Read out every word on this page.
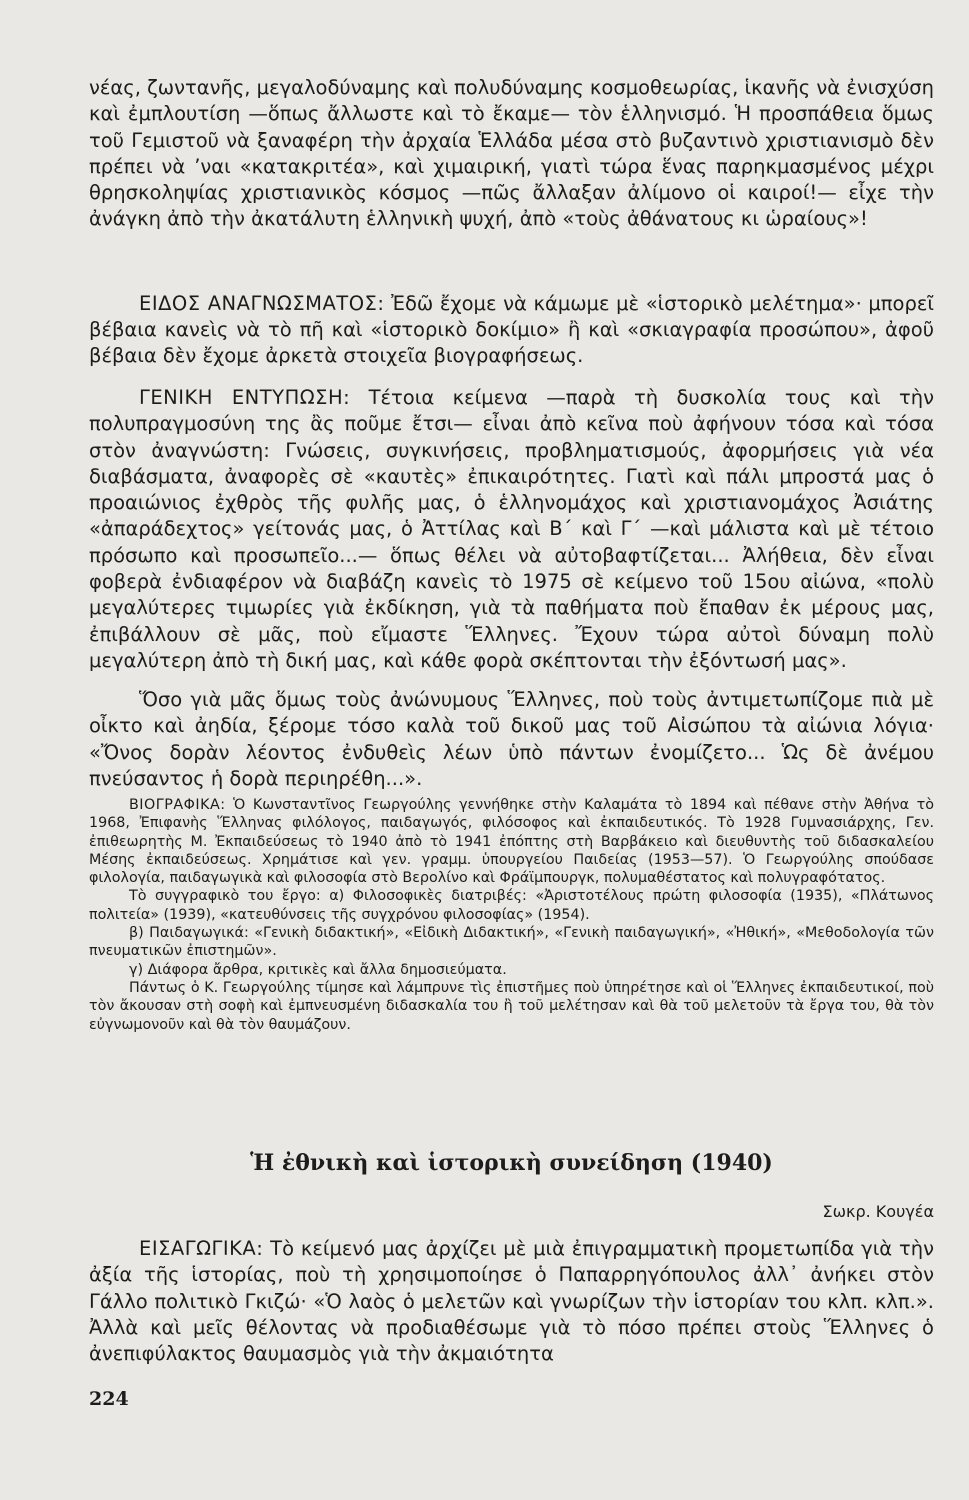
νέας, ζωντανῆς, μεγαλοδύναμης καὶ πολυδύναμης κοσμοθεωρίας, ἱκανῆς νὰ ἐνισχύση καὶ ἐμπλουτίση —ὅπως ἄλλωστε καὶ τὸ ἔκαμε— τὸν ἑλληνισμό. Ἡ προσπάθεια ὅμως τοῦ Γεμιστοῦ νὰ ξαναφέρη τὴν ἀρχαία Ἑλλάδα μέσα στὸ βυζαντινὸ χριστιανισμὸ δὲν πρέπει νὰ ’ναι «κατακριτέα», καὶ χιμαιρική, γιατὶ τώρα ἕνας παρηκμασμένος μέχρι θρησκοληψίας χριστιανικὸς κόσμος —πῶς ἄλλαξαν ἀλίμονο οἱ καιροί!— εἶχε τὴν ἀνάγκη ἀπὸ τὴν ἀκατάλυτη ἑλληνικὴ ψυχή, ἀπὸ «τοὺς ἀθάνατους κι ὡραίους»!

ΕΙΔΟΣ ΑΝΑΓΝΩΣΜΑΤΟΣ: Ἐδῶ ἔχομε νὰ κάμωμε μὲ «ἱστορικὸ μελέτημα»· μπορεῖ βέβαια κανεὶς νὰ τὸ πῆ καὶ «ἱστορικὸ δοκίμιο» ἢ καὶ «σκιαγραφία προσώπου», ἀφοῦ βέβαια δὲν ἔχομε ἀρκετὰ στοιχεῖα βιογραφήσεως.

ΓΕΝΙΚΗ ΕΝΤΥΠΩΣΗ: Τέτοια κείμενα —παρὰ τὴ δυσκολία τους καὶ τὴν πολυπραγμοσύνη της ἂς ποῦμε ἔτσι— εἶναι ἀπὸ κεῖνα ποὺ ἀφήνουν τόσα καὶ τόσα στὸν ἀναγνώστη: Γνώσεις, συγκινήσεις, προβληματισμούς, ἀφορμήσεις γιὰ νέα διαβάσματα, ἀναφορὲς σὲ «καυτὲς» ἐπικαιρότητες. Γιατὶ καὶ πάλι μπροστά μας ὁ προαιώνιος ἐχθρὸς τῆς φυλῆς μας, ὁ ἑλληνομάχος καὶ χριστιανομάχος Ἀσιάτης «ἀπαράδεχτος» γείτονάς μας, ὁ Ἀττίλας καὶ Β´ καὶ Γ´ —καὶ μάλιστα καὶ μὲ τέτοιο πρόσωπο καὶ προσωπεῖο...— ὅπως θέλει νὰ αὐτοβαφτίζεται... Ἀλήθεια, δὲν εἶναι φοβερὰ ἐνδιαφέρον νὰ διαβάζη κανεὶς τὸ 1975 σὲ κείμενο τοῦ 15ου αἰώνα, «πολὺ μεγαλύτερες τιμωρίες γιὰ ἐκδίκηση, γιὰ τὰ παθήματα ποὺ ἔπαθαν ἐκ μέρους μας, ἐπιβάλλουν σὲ μᾶς, ποὺ εἴμαστε Ἕλληνες. Ἔχουν τώρα αὐτοὶ δύναμη πολὺ μεγαλύτερη ἀπὸ τὴ δική μας, καὶ κάθε φορὰ σκέπτονται τὴν ἐξόντωσή μας».

Ὅσο γιὰ μᾶς ὅμως τοὺς ἀνώνυμους Ἕλληνες, ποὺ τοὺς ἀντιμετωπίζομε πιὰ μὲ οἶκτο καὶ ἀηδία, ξέρομε τόσο καλὰ τοῦ δικοῦ μας τοῦ Αἰσώπου τὰ αἰώνια λόγια· «Ὄνος δορὰν λέοντος ἐνδυθεὶς λέων ὑπὸ πάντων ἐνομίζετο... Ὡς δὲ ἀνέμου πνεύσαντος ἡ δορὰ περιηρέθη...».

ΒΙΟΓΡΑΦΙΚΑ: Ὁ Κωνσταντῖνος Γεωργούλης γεννήθηκε στὴν Καλαμάτα τὸ 1894 καὶ πέθανε στὴν Ἀθήνα τὸ 1968, Ἐπιφανὴς Ἕλληνας φιλόλογος, παιδαγωγός, φιλόσοφος καὶ ἐκπαιδευτικός. Τὸ 1928 Γυμνασιάρχης, Γεν. ἐπιθεωρητὴς Μ. Ἐκπαιδεύσεως τὸ 1940 ἀπὸ τὸ 1941 ἐπόπτης στὴ Βαρβάκειο καὶ διευθυντὴς τοῦ διδασκαλείου Μέσης ἐκπαιδεύσεως. Χρημάτισε καὶ γεν. γραμμ. ὑπουργείου Παιδείας (1953—57). Ὁ Γεωργούλης σπούδασε φιλολογία, παιδαγωγικὰ καὶ φιλοσοφία στὸ Βερολίνο καὶ Φράϊμπουργκ, πολυμαθέστατος καὶ πολυγραφότατος.

Τὸ συγγραφικὸ του ἔργο: α) Φιλοσοφικὲς διατριβές: «Ἀριστοτέλους πρώτη φιλοσοφία (1935), «Πλάτωνος πολιτεία» (1939), «κατευθύνσεις τῆς συγχρόνου φιλοσοφίας» (1954).

β) Παιδαγωγικά: «Γενικὴ διδακτική», «Εἰδικὴ Διδακτική», «Γενικὴ παιδαγωγική», «Ἠθική», «Μεθοδολογία τῶν πνευματικῶν ἐπιστημῶν».

γ) Διάφορα ἄρθρα, κριτικὲς καὶ ἄλλα δημοσιεύματα.

Πάντως ὁ Κ. Γεωργούλης τίμησε καὶ λάμπρυνε τὶς ἐπιστῆμες ποὺ ὑπηρέτησε καὶ οἱ Ἕλληνες ἐκπαιδευτικοί, ποὺ τὸν ἄκουσαν στὴ σοφὴ καὶ ἐμπνευσμένη διδασκαλία του ἢ τοῦ μελέτησαν καὶ θὰ τοῦ μελετοῦν τὰ ἔργα του, θὰ τὸν εὐγνωμονοῦν καὶ θὰ τὸν θαυμάζουν.

Ἡ ἐθνικὴ καὶ ἱστορικὴ συνείδηση (1940)
Σωκρ. Κουγέα

ΕΙΣΑΓΩΓΙΚΑ: Τὸ κείμενό μας ἀρχίζει μὲ μιὰ ἐπιγραμματικὴ προμετωπίδα γιὰ τὴν ἀξία τῆς ἱστορίας, ποὺ τὴ χρησιμοποίησε ὁ Παπαρρηγόπουλος ἀλλ᾽ ἀνήκει στὸν Γάλλο πολιτικὸ Γκιζώ· «Ὁ λαὸς ὁ μελετῶν καὶ γνωρίζων τὴν ἱστορίαν του κλπ. κλπ.». Ἀλλὰ καὶ μεῖς θέλοντας νὰ προδιαθέσωμε γιὰ τὸ πόσο πρέπει στοὺς Ἕλληνες ὁ ἀνεπιφύλακτος θαυμασμὸς γιὰ τὴν ἀκμαιότητα

224
